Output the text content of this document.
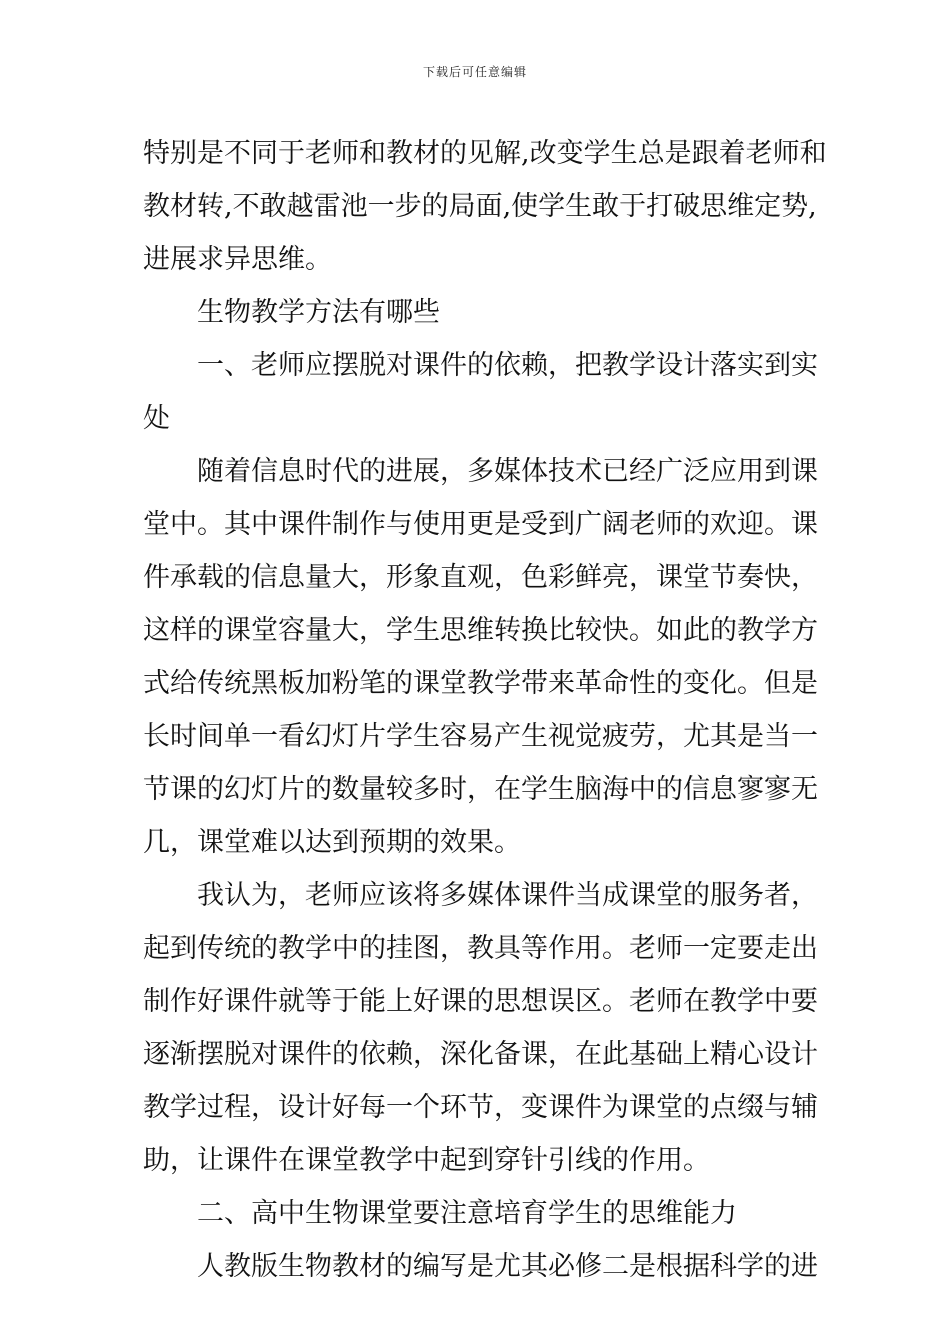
下载后可任意编辑
特别是不同于老师和教材的见解,改变学生总是跟着老师和
教材转,不敢越雷池一步的局面,使学生敢于打破思维定势,
进展求异思维。
生物教学方法有哪些
一、老师应摆脱对课件的依赖，把教学设计落实到实
处
随着信息时代的进展，多媒体技术已经广泛应用到课
堂中。其中课件制作与使用更是受到广阔老师的欢迎。课
件承载的信息量大，形象直观，色彩鲜亮，课堂节奏快，
这样的课堂容量大，学生思维转换比较快。如此的教学方
式给传统黑板加粉笔的课堂教学带来革命性的变化。但是
长时间单一看幻灯片学生容易产生视觉疲劳，尤其是当一
节课的幻灯片的数量较多时，在学生脑海中的信息寥寥无
几，课堂难以达到预期的效果。
我认为，老师应该将多媒体课件当成课堂的服务者，
起到传统的教学中的挂图，教具等作用。老师一定要走出
制作好课件就等于能上好课的思想误区。老师在教学中要
逐渐摆脱对课件的依赖，深化备课，在此基础上精心设计
教学过程，设计好每一个环节，变课件为课堂的点缀与辅
助，让课件在课堂教学中起到穿针引线的作用。
二、高中生物课堂要注意培育学生的思维能力
人教版生物教材的编写是尤其必修二是根据科学的进
